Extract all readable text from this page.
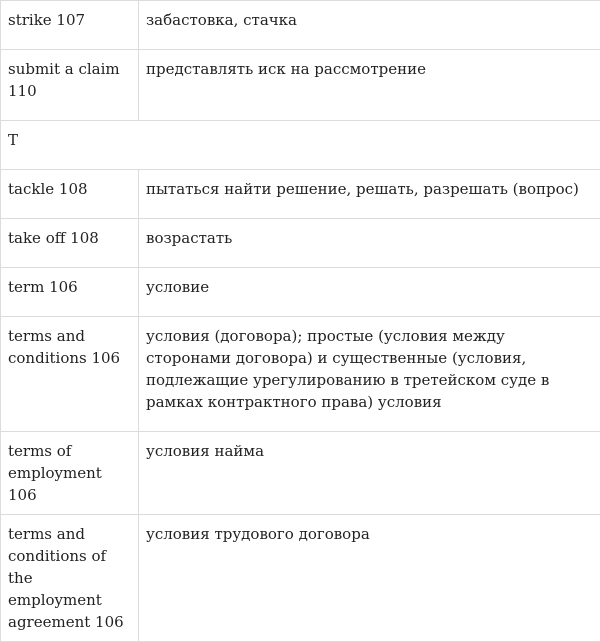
strike 107	забастовка, стачка
submit a claim 110	представлять иск на рассмотрение
T	
tackle 108	пытаться найти решение, решать, разрешать (вопрос)
take off 108	возрастать
term 106	условие
terms and conditions 106	условия (договора); простые (условия между сторонами договора) и существенные (условия, подлежащие урегулированию в третейском суде в рамках контрактного права) условия
terms of employment 106	условия найма
terms and conditions of the employment agreement 106	условия трудового договора
